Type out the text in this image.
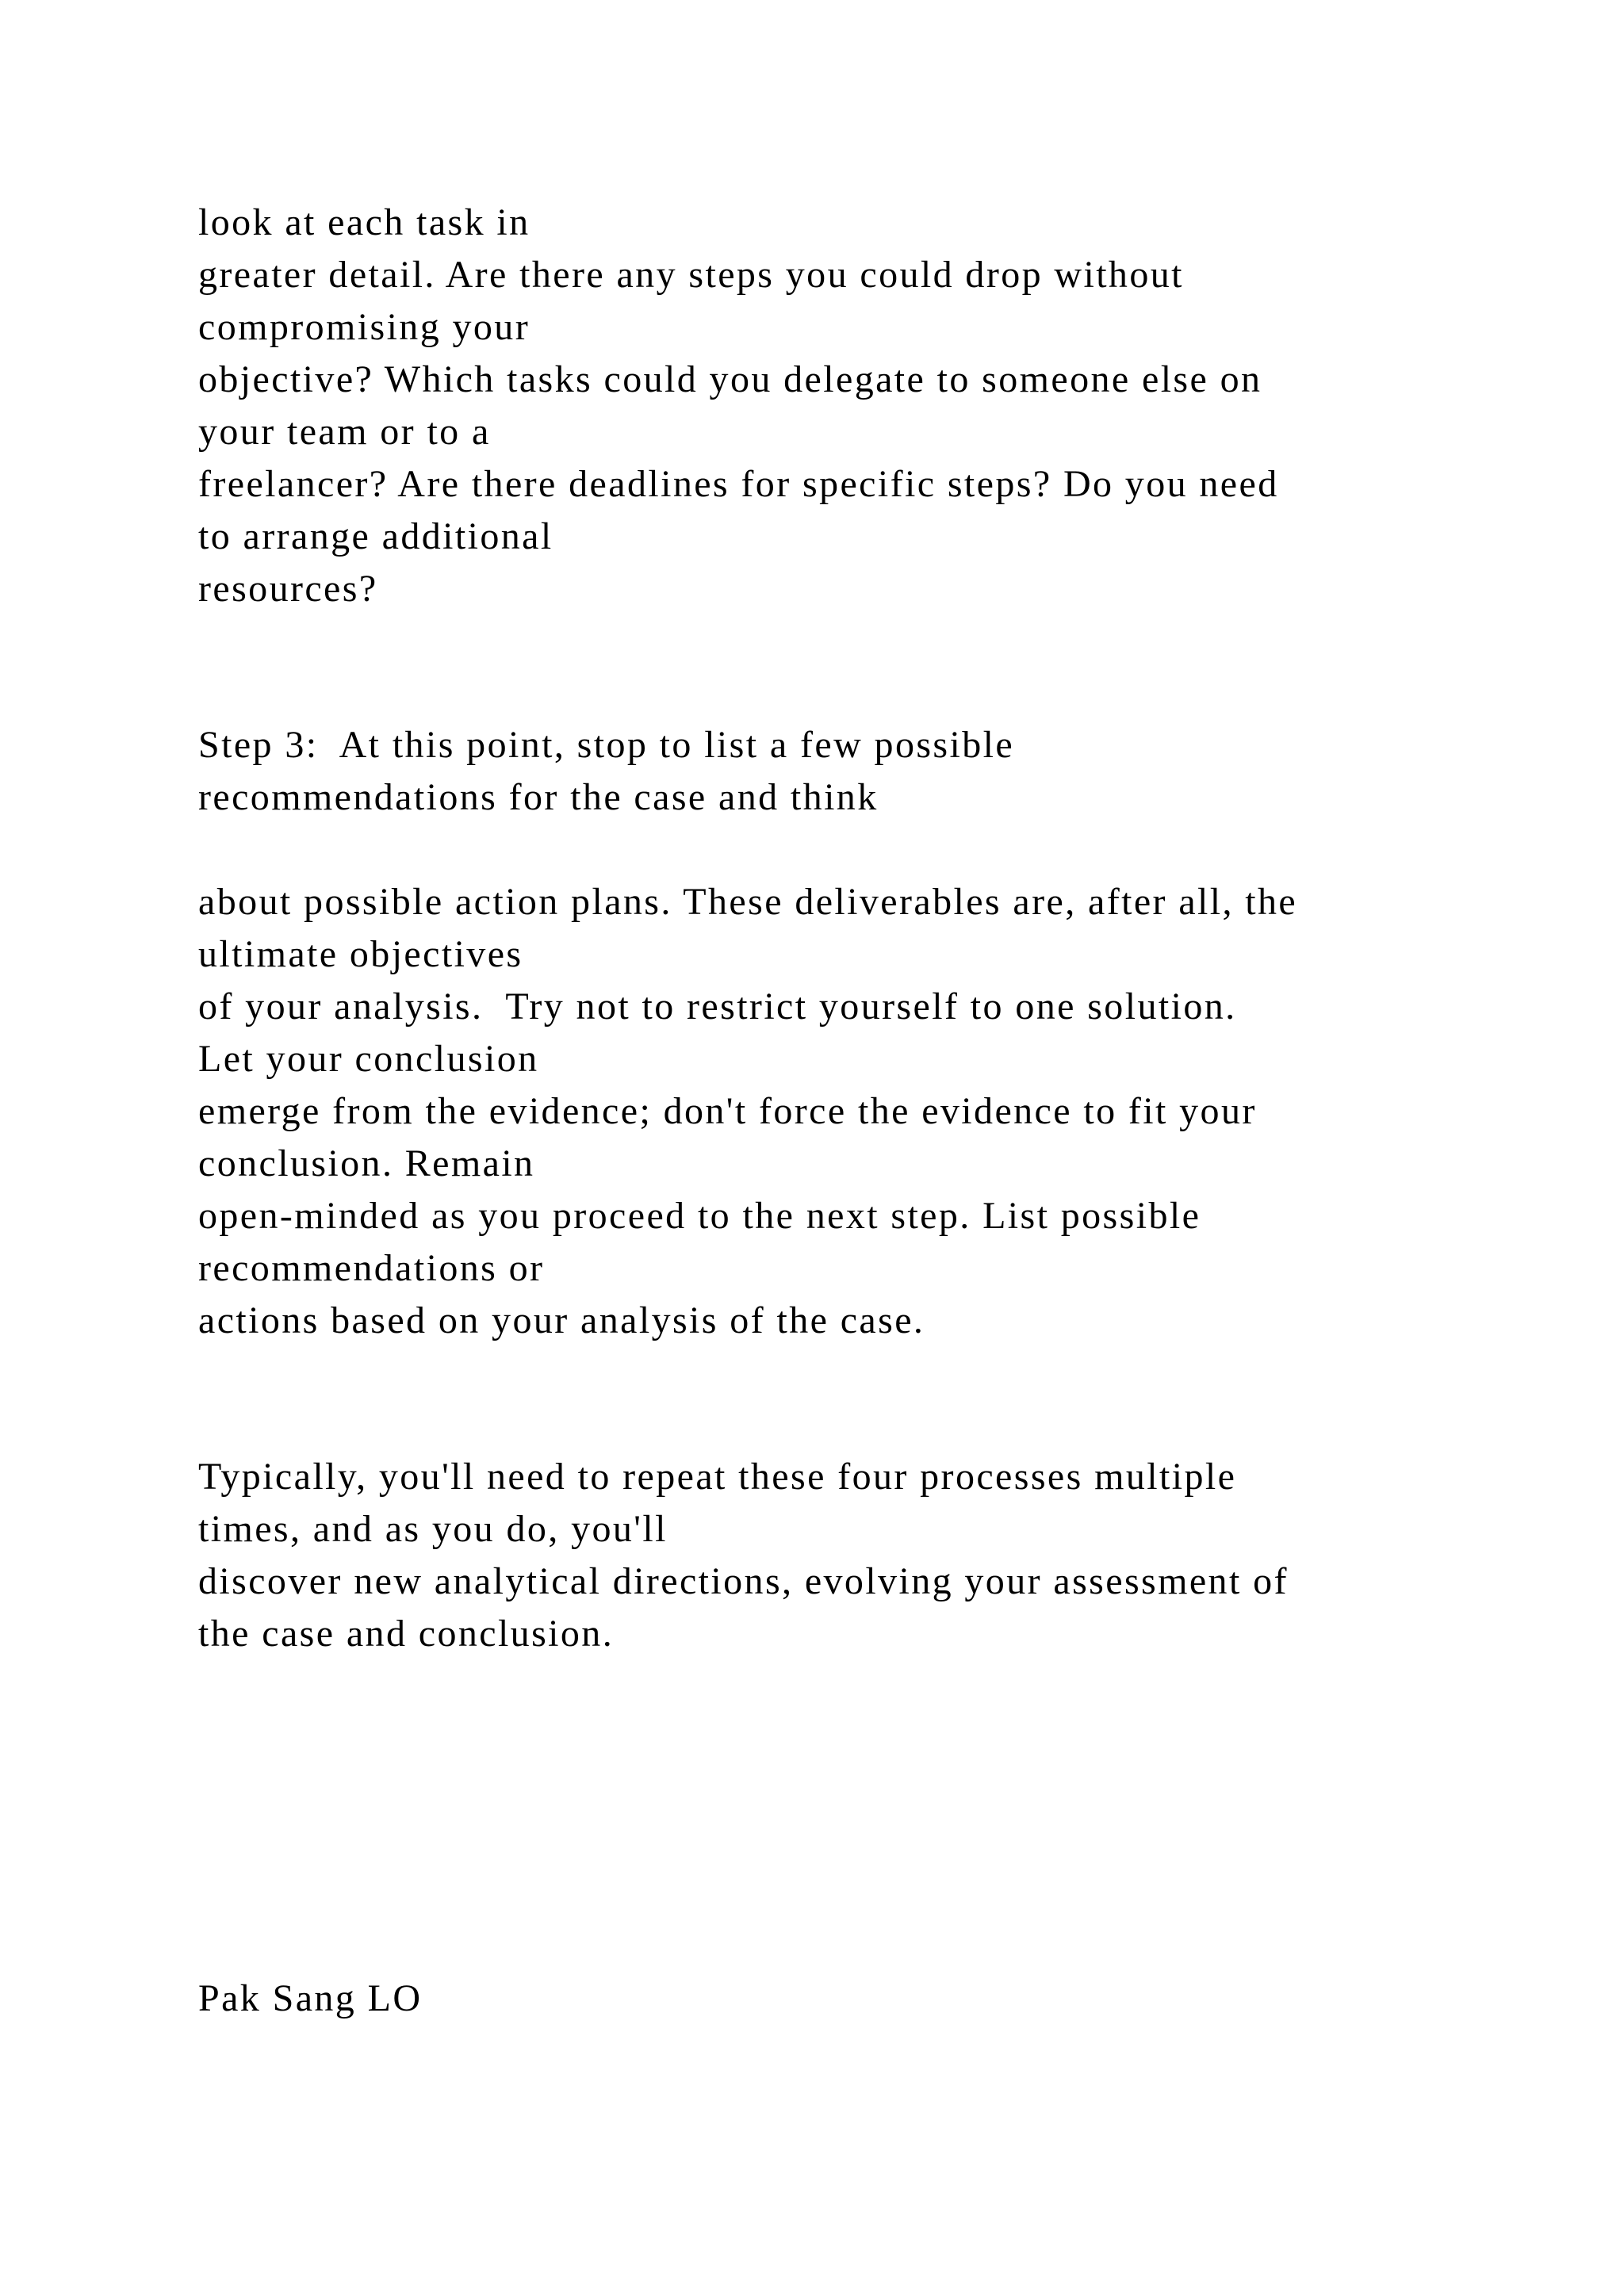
look at each task in

greater detail. Are there any steps you could drop without

compromising your

objective? Which tasks could you delegate to someone else on

your team or to a

freelancer? Are there deadlines for specific steps? Do you need

to arrange additional

resources?

Step 3:  At this point, stop to list a few possible

recommendations for the case and think

about possible action plans. These deliverables are, after all, the

ultimate objectives

of your analysis.  Try not to restrict yourself to one solution.

Let your conclusion

emerge from the evidence; don't force the evidence to fit your

conclusion. Remain

open-minded as you proceed to the next step. List possible

recommendations or

actions based on your analysis of the case.

Typically, you'll need to repeat these four processes multiple

times, and as you do, you'll

discover new analytical directions, evolving your assessment of

the case and conclusion.

Pak Sang LO
